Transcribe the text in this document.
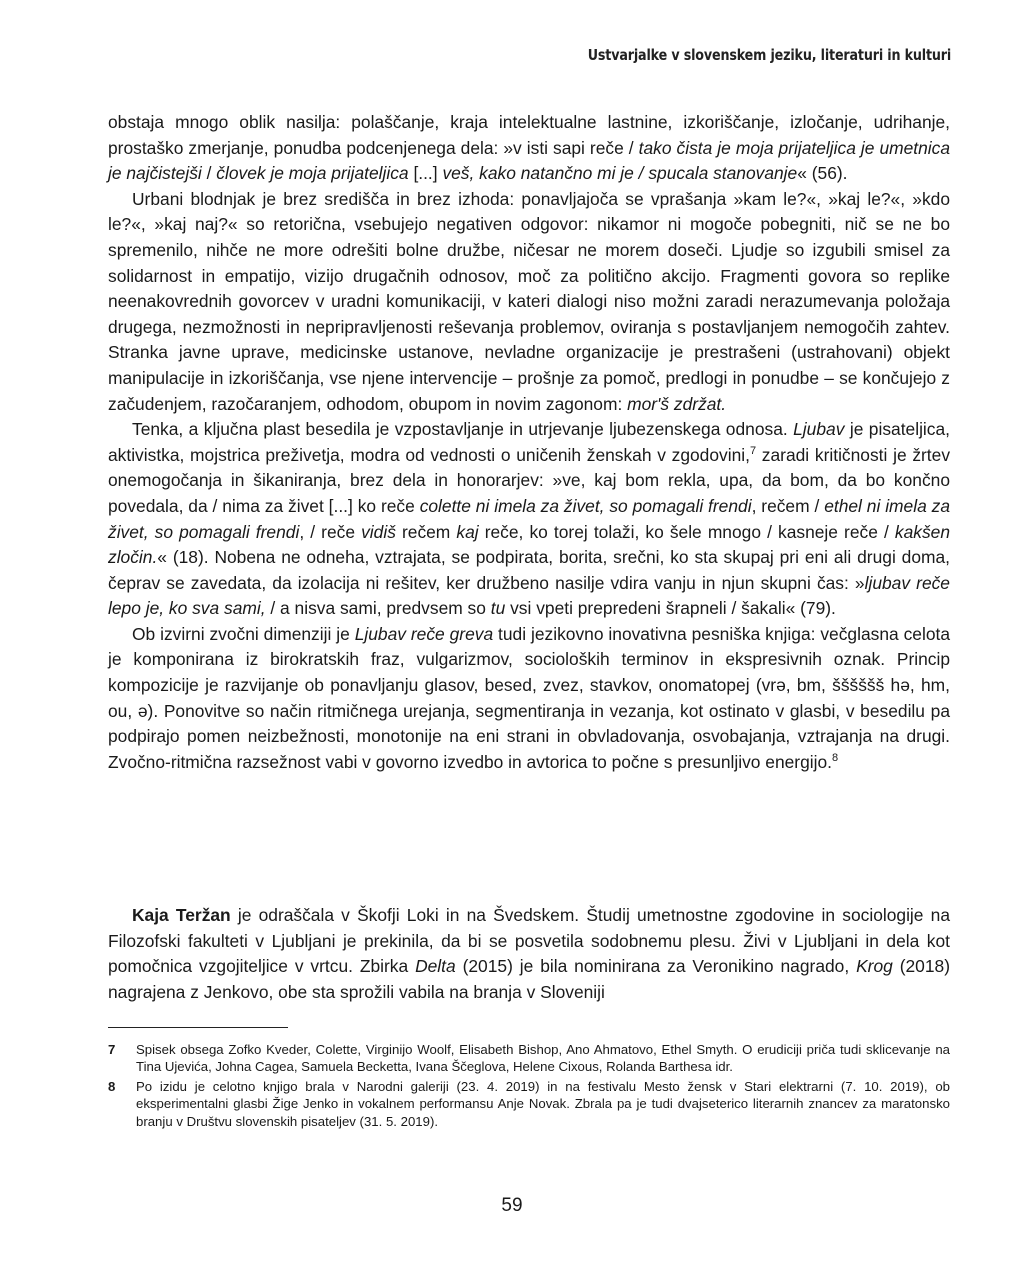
Ustvarjalke v slovenskem jeziku, literaturi in kulturi

obstaja mnogo oblik nasilja: polaščanje, kraja intelektualne lastnine, izkoriščanje, izločanje, udrihanje, prostaško zmerjanje, ponudba podcenjenega dela: »v isti sapi reče / tako čista je moja prijateljica je umetnica je najčistejši / človek je moja prijateljica [...] veš, kako natančno mi je / spucala stanovanje« (56).

Urbani blodnjak je brez središča in brez izhoda: ponavljajoča se vprašanja »kam le?«, »kaj le?«, »kdo le?«, »kaj naj?« so retorična, vsebujejo negativen odgovor: nikamor ni mogoče pobegniti, nič se ne bo spremenilo, nihče ne more odrešiti bolne družbe, ničesar ne morem doseči. Ljudje so izgubili smisel za solidarnost in empatijo, vizijo drugačnih odnosov, moč za politično akcijo. Fragmenti govora so replike neenakovrednih govorcev v uradni komunikaciji, v kateri dialogi niso možni zaradi nerazumevanja položaja drugega, nezmožnosti in nepripravljenosti reševanja problemov, oviranja s postavljanjem nemogočih zahtev. Stranka javne uprave, medicinske ustanove, nevladne organizacije je prestrašeni (ustrahovani) objekt manipulacije in izkoriščanja, vse njene intervencije – prošnje za pomoč, predlogi in ponudbe – se končujejo z začudenjem, razočaranjem, odhodom, obupom in novim zagonom: mor'š zdržat.

Tenka, a ključna plast besedila je vzpostavljanje in utrjevanje ljubezenskega odnosa. Ljubav je pisateljica, aktivistka, mojstrica preživetja, modra od vednosti o uničenih ženskah v zgodovini,$^7$ zaradi kritičnosti je žrtev onemogočanja in šikaniranja, brez dela in honorarjev: »ve, kaj bom rekla, upa, da bom, da bo končno povedala, da / nima za živet [...] ko reče colette ni imela za živet, so pomagali frendi, rečem / ethel ni imela za živet, so pomagali frendi, / reče vidiš rečem kaj reče, ko torej tolaži, ko šele mnogo / kasneje reče / kakšen zločin.« (18). Nobena ne odneha, vztrajata, se podpirata, borita, srečni, ko sta skupaj pri eni ali drugi doma, čeprav se zavedata, da izolacija ni rešitev, ker družbeno nasilje vdira vanju in njun skupni čas: »ljubav reče lepo je, ko sva sami, / a nisva sami, predvsem so tu vsi vpeti prepredeni šrapneli / šakali« (79).

Ob izvirni zvočni dimenziji je Ljubav reče greva tudi jezikovno inovativna pesniška knjiga: večglasna celota je komponirana iz birokratskih fraz, vulgarizmov, socioloških terminov in ekspresivnih oznak. Princip kompozicije je razvijanje ob ponavljanju glasov, besed, zvez, stavkov, onomatopej (vrə, bm, šššššš hə, hm, ou, ə). Ponovitve so način ritmičnega urejanja, segmentiranja in vezanja, kot ostinato v glasbi, v besedilu pa podpirajo pomen neizbežnosti, monotonije na eni strani in obvladovanja, osvobajanja, vztrajanja na drugi. Zvočno-ritmična razsežnost vabi v govorno izvedbo in avtorica to počne s presunljivo energijo.$^8$

Kaja Teržan je odraščala v Škofji Loki in na Švedskem. Študij umetnostne zgodovine in sociologije na Filozofski fakulteti v Ljubljani je prekinila, da bi se posvetila sodobnemu plesu. Živi v Ljubljani in dela kot pomočnica vzgojiteljice v vrtcu. Zbirka Delta (2015) je bila nominirana za Veronikino nagrado, Krog (2018) nagrajena z Jenkovo, obe sta sprožili vabila na branja v Sloveniji

7	Spisek obsega Zofko Kveder, Colette, Virginijo Woolf, Elisabeth Bishop, Ano Ahmatovo, Ethel Smyth. O erudiciji priča tudi sklicevanje na Tina Ujevića, Johna Cagea, Samuela Becketta, Ivana Ščeglova, Helene Cixous, Rolanda Barthesa idr.
8	Po izidu je celotno knjigo brala v Narodni galeriji (23. 4. 2019) in na festivalu Mesto žensk v Stari elektrarni (7. 10. 2019), ob eksperimentalni glasbi Žige Jenko in vokalnem performansu Anje Novak. Zbrala pa je tudi dvajseterico literarnih znancev za maratonsko branju v Društvu slovenskih pisateljev (31. 5. 2019).
59
